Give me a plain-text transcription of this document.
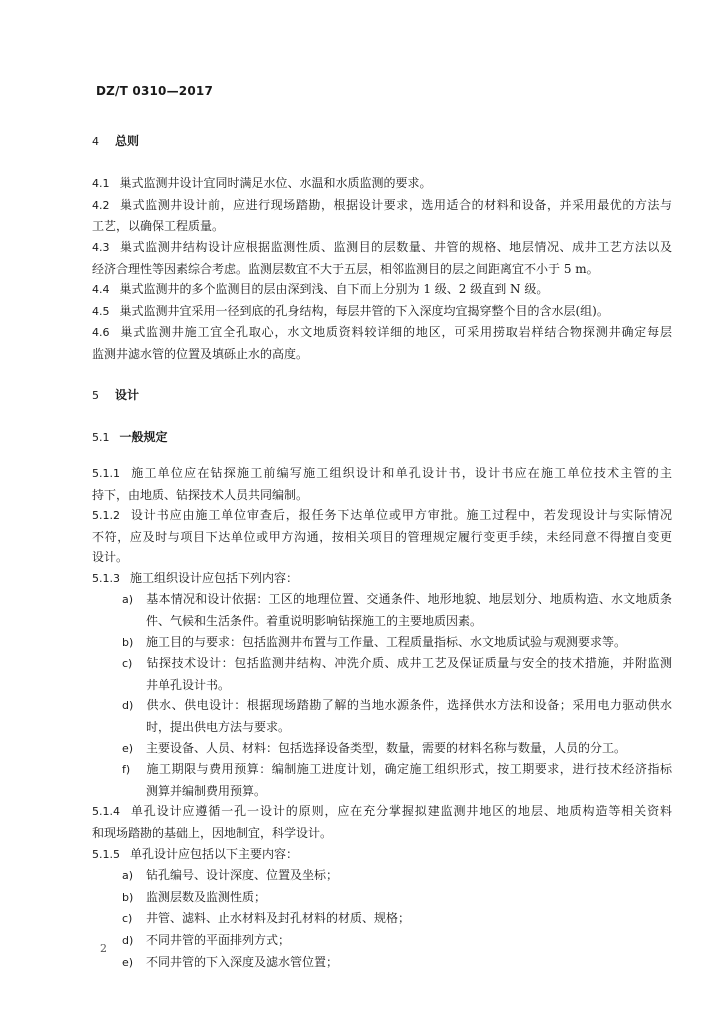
DZ/T 0310—2017
4 总则
4.1 巢式监测井设计宜同时满足水位、水温和水质监测的要求。
4.2 巢式监测井设计前，应进行现场踏勘，根据设计要求，选用适合的材料和设备，并采用最优的方法与
工艺，以确保工程质量。
4.3 巢式监测井结构设计应根据监测性质、监测目的层数量、井管的规格、地层情况、成井工艺方法以及
经济合理性等因素综合考虑。监测层数宜不大于五层，相邻监测目的层之间距离宜不小于 5 m。
4.4 巢式监测井的多个监测目的层由深到浅、自下而上分别为 1 级、2 级直到 N 级。
4.5 巢式监测井宜采用一径到底的孔身结构，每层井管的下入深度均宜揭穿整个目的含水层(组)。
4.6 巢式监测井施工宜全孔取心，水文地质资料较详细的地区，可采用捞取岩样结合物探测井确定每层
监测井滤水管的位置及填砾止水的高度。
5 设计
5.1 一般规定
5.1.1 施工单位应在钻探施工前编写施工组织设计和单孔设计书，设计书应在施工单位技术主管的主
持下，由地质、钻探技术人员共同编制。
5.1.2 设计书应由施工单位审查后，报任务下达单位或甲方审批。施工过程中，若发现设计与实际情况
不符，应及时与项目下达单位或甲方沟通，按相关项目的管理规定履行变更手续，未经同意不得擅自变更
设计。
5.1.3 施工组织设计应包括下列内容：
a) 基本情况和设计依据：工区的地理位置、交通条件、地形地貌、地层划分、地质构造、水文地质条
件、气候和生活条件。着重说明影响钻探施工的主要地质因素。
b) 施工目的与要求：包括监测井布置与工作量、工程质量指标、水文地质试验与观测要求等。
c) 钻探技术设计：包括监测井结构、冲洗介质、成井工艺及保证质量与安全的技术措施，并附监测
井单孔设计书。
d) 供水、供电设计：根据现场踏勘了解的当地水源条件，选择供水方法和设备；采用电力驱动供水
时，提出供电方法与要求。
e) 主要设备、人员、材料：包括选择设备类型，数量，需要的材料名称与数量，人员的分工。
f) 施工期限与费用预算：编制施工进度计划，确定施工组织形式，按工期要求，进行技术经济指标
测算并编制费用预算。
5.1.4 单孔设计应遵循一孔一设计的原则，应在充分掌握拟建监测井地区的地层、地质构造等相关资料
和现场踏勘的基础上，因地制宜，科学设计。
5.1.5 单孔设计应包括以下主要内容：
a) 钻孔编号、设计深度、位置及坐标；
b) 监测层数及监测性质；
c) 井管、滤料、止水材料及封孔材料的材质、规格；
d) 不同井管的平面排列方式；
e) 不同井管的下入深度及滤水管位置；
2
